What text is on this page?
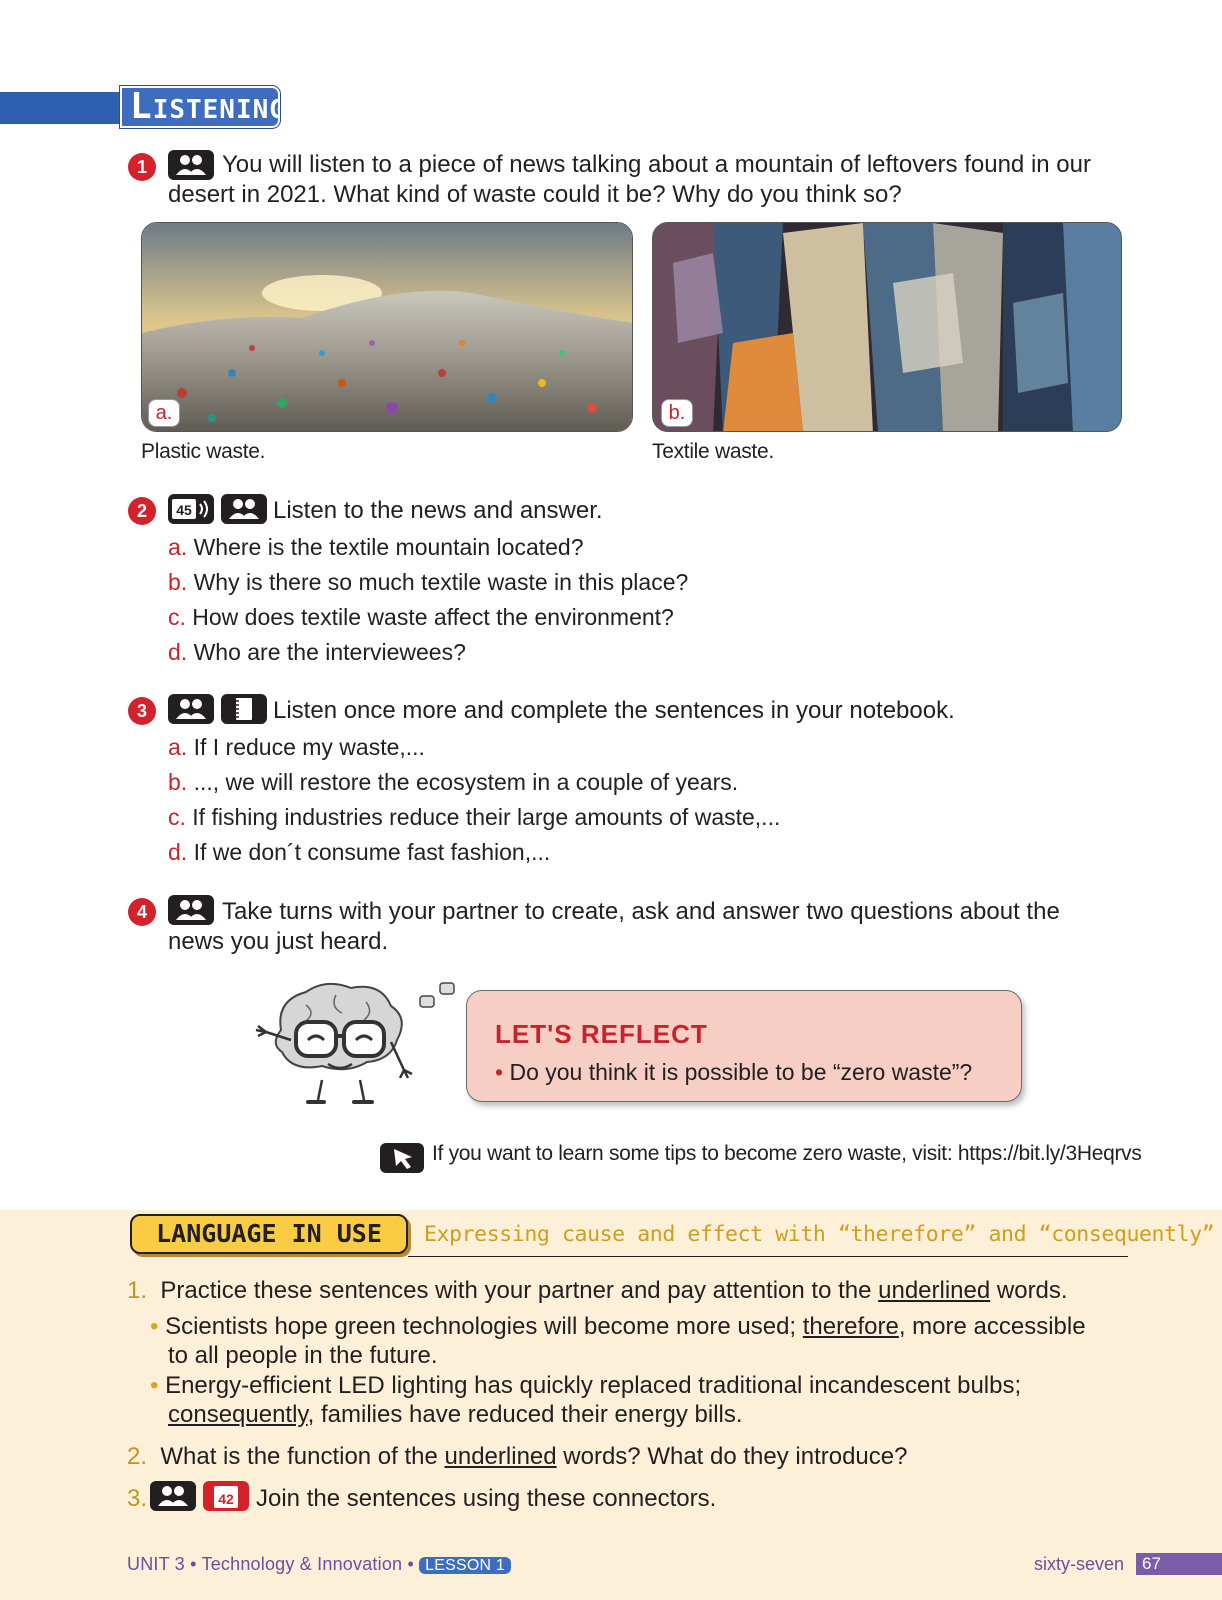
LISTENING
1	You will listen to a piece of news talking about a mountain of leftovers found in our
desert in 2021. What kind of waste could it be? Why do you think so?
a.
Plastic waste.
b.
Textile waste.
2	45	Listen to the news and answer.
a. Where is the textile mountain located?
b. Why is there so much textile waste in this place?
c. How does textile waste affect the environment?
d. Who are the interviewees?
3	Listen once more and complete the sentences in your notebook.
a. If I reduce my waste,...
b. ..., we will restore the ecosystem in a couple of years.
c. If fishing industries reduce their large amounts of waste,...
d. If we don´t consume fast fashion,...
4	Take turns with your partner to create, ask and answer two questions about the
news you just heard.
LET'S REFLECT
• Do you think it is possible to be “zero waste”?
If you want to learn some tips to become zero waste, visit: https://bit.ly/3Heqrvs
LANGUAGE IN USE	Expressing cause and effect with “therefore” and “consequently”
1. Practice these sentences with your partner and pay attention to the underlined words.
• Scientists hope green technologies will become more used; therefore, more accessible
to all people in the future.
• Energy-efficient LED lighting has quickly replaced traditional incandescent bulbs;
consequently, families have reduced their energy bills.
2. What is the function of the underlined words? What do they introduce?
3.	42 Join the sentences using these connectors.
UNIT 3 • Technology & Innovation • LESSON 1	sixty-seven	67
